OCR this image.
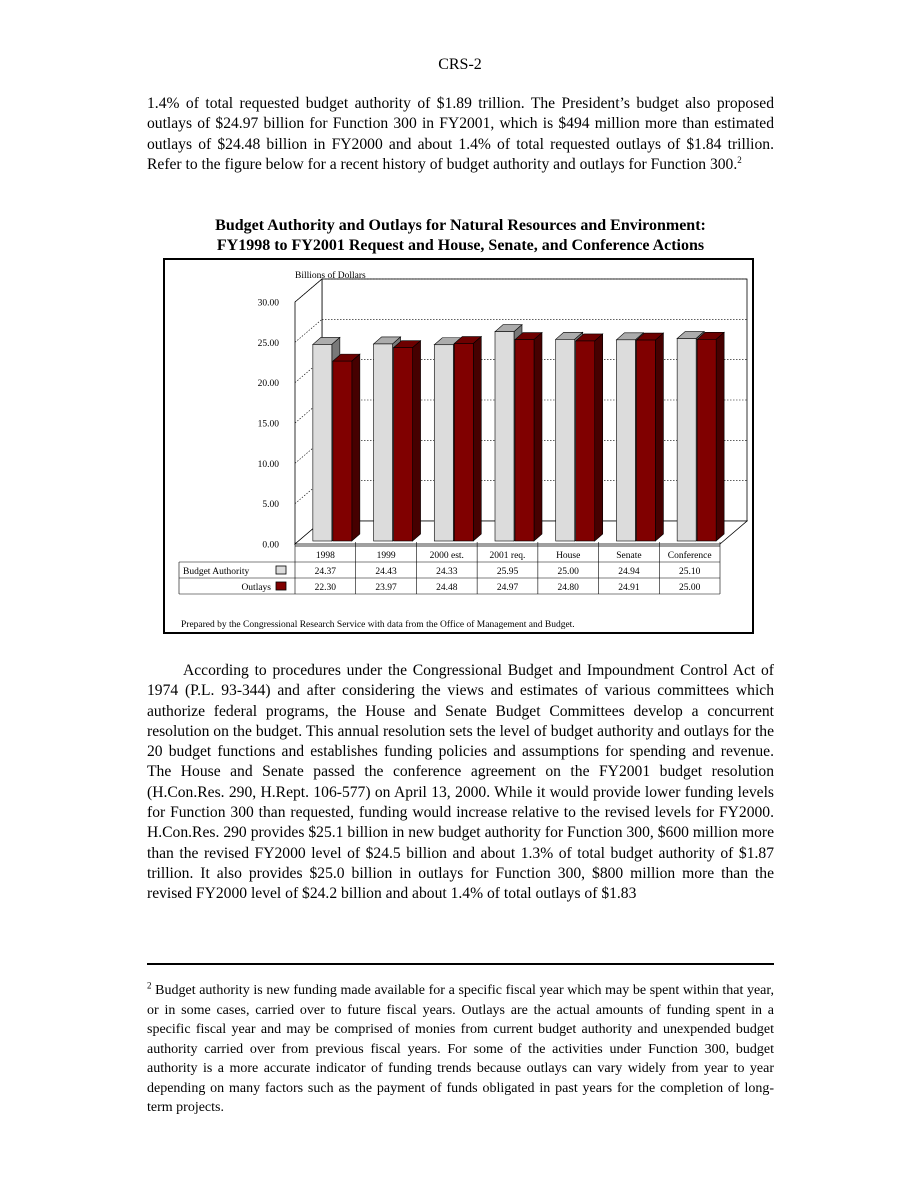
CRS-2

1.4% of total requested budget authority of $1.89 trillion. The President’s budget also proposed outlays of $24.97 billion for Function 300 in FY2001, which is $494 million more than estimated outlays of $24.48 billion in FY2000 and about 1.4% of total requested outlays of $1.84 trillion. Refer to the figure below for a recent history of budget authority and outlays for Function 300.$^2$

Budget Authority and Outlays for Natural Resources and Environment:
FY1998 to FY2001 Request and House, Senate, and Conference Actions
0.00
5.00
10.00
15.00
20.00
25.00
30.00
Billions of Dollars
1998
24.37
22.30
1999
24.43
23.97
2000 est.
24.33
24.48
2001 req.
25.95
24.97
House
25.00
24.80
Senate
24.94
24.91
Conference
25.10
25.00
Budget Authority
Outlays
Prepared by the Congressional Research Service with data from the Office of Management and Budget.

According to procedures under the Congressional Budget and Impoundment Control Act of 1974 (P.L. 93-344) and after considering the views and estimates of various committees which authorize federal programs, the House and Senate Budget Committees develop a concurrent resolution on the budget. This annual resolution sets the level of budget authority and outlays for the 20 budget functions and establishes funding policies and assumptions for spending and revenue. The House and Senate passed the conference agreement on the FY2001 budget resolution (H.Con.Res. 290, H.Rept. 106-577) on April 13, 2000. While it would provide lower funding levels for Function 300 than requested, funding would increase relative to the revised levels for FY2000. H.Con.Res. 290 provides $25.1 billion in new budget authority for Function 300, $600 million more than the revised FY2000 level of $24.5 billion and about 1.3% of total budget authority of $1.87 trillion. It also provides $25.0 billion in outlays for Function 300, $800 million more than the revised FY2000 level of $24.2 billion and about 1.4% of total outlays of $1.83

$^2$ Budget authority is new funding made available for a specific fiscal year which may be spent within that year, or in some cases, carried over to future fiscal years. Outlays are the actual amounts of funding spent in a specific fiscal year and may be comprised of monies from current budget authority and unexpended budget authority carried over from previous fiscal years. For some of the activities under Function 300, budget authority is a more accurate indicator of funding trends because outlays can vary widely from year to year depending on many factors such as the payment of funds obligated in past years for the completion of long-term projects.
